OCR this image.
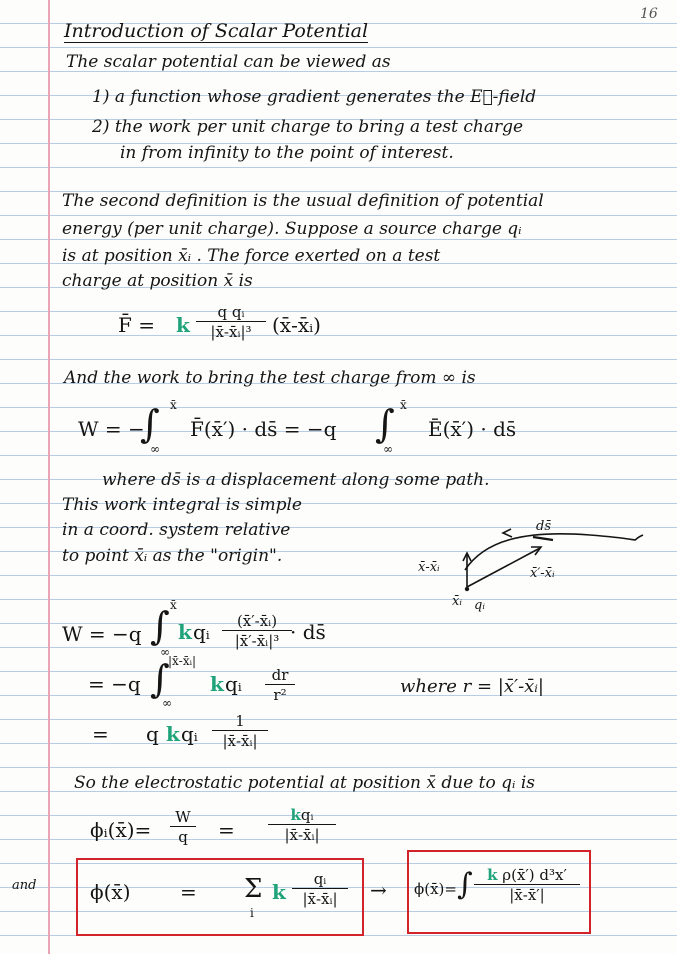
16
Introduction of Scalar Potential
The scalar potential can be viewed as
1) a function whose gradient generates the E⃗-field
2) the work per unit charge to bring a test charge
in from infinity to the point of interest.
The second definition is the usual definition of potential
energy (per unit charge). Suppose a source charge qᵢ
is at position x̄ᵢ . The force exerted on a test
charge at position x̄ is
F̄ = k $\frac{\text{q qᵢ}}{\text{|x̄-x̄ᵢ|³}}$ (x̄-x̄ᵢ)
And the work to bring the test charge from ∞ is
W = −
∫ x̄
∞
F̄(x̄′) · ds̄ = −q ∫ x̄
∞
Ē(x̄′) · ds̄
where ds̄ is a displacement along some path.
This work integral is simple
in a coord. system relative
to point x̄ᵢ as the "origin".
ds̄
x̄-x̄ᵢ	x̄′-x̄ᵢ
x̄ᵢ qᵢ
W = −q ∫ x̄
∞
k qᵢ $\frac{\text{(x̄′-x̄ᵢ)}}{\text{|x̄′-x̄ᵢ|³}}$
· ds̄
= −q ∫
|x̄-x̄ᵢ|
∞
k qᵢ $\frac{dr}{\text{r²}}$	where r = |x̄′-x̄ᵢ|
= q k qᵢ $\frac{1}{\text{|x̄-x̄ᵢ|}}$
So the electrostatic potential at position x̄ due to qᵢ is
ϕᵢ(x̄)= $\frac{W}{q}$ =
kqᵢ
|x̄-x̄ᵢ|
and	ϕ(x̄) = Σ
i
k $\frac{\text{qᵢ}}{\text{|x̄-x̄ᵢ|}}$ → ϕ(x̄)= ∫ $\frac{\text{k ρ(x̄′) d³x′}}{|x̄-x̄'|}$
